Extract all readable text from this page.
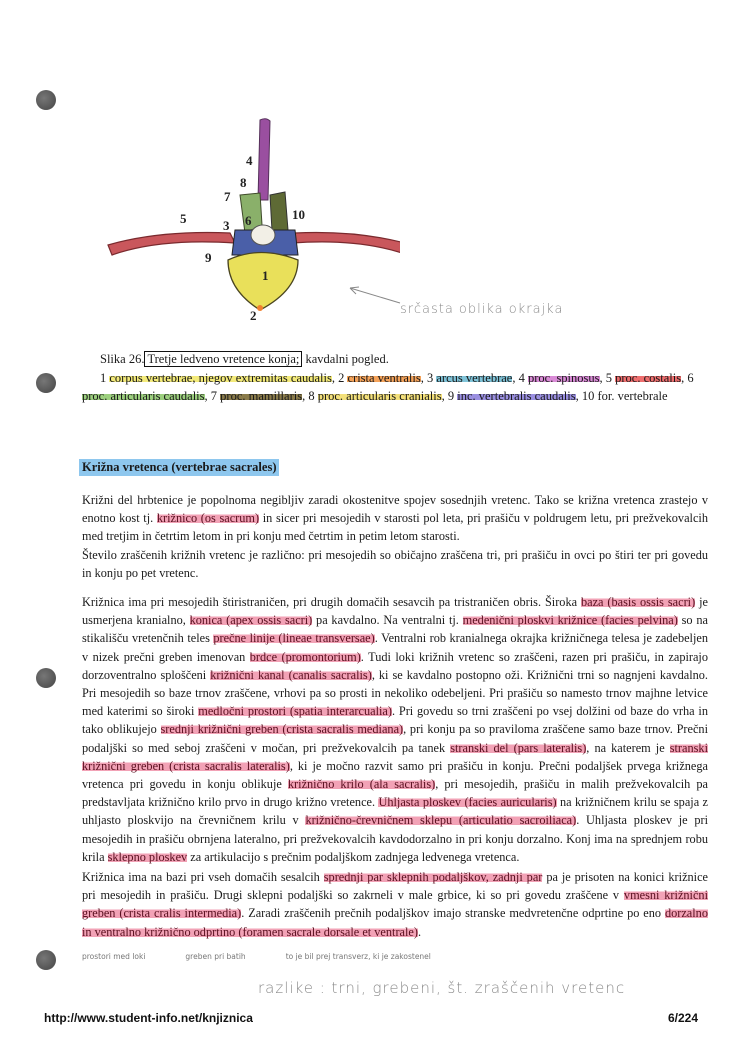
1
2
3
4
5	6
7
8
9
10
srčasta oblika okrajka
Slika 26. Tretje ledveno vretence konja; kavdalni pogled.
1 corpus vertebrae, njegov extremitas caudalis, 2 crista ventralis, 3 arcus vertebrae, 4 proc. spinosus, 5 proc. costalis, 6 proc. articularis caudalis, 7 proc. mamillaris, 8 proc. articularis cranialis, 9 inc. vertebralis caudalis, 10 for. vertebrale
Križna vretenca (vertebrae sacrales)

Križni del hrbtenice je popolnoma negibljiv zaradi okostenitve spojev sosednjih vretenc. Tako se križna vretenca zrastejo v enotno kost tj. križnico (os sacrum) in sicer pri mesojedih v starosti pol leta, pri prašiču v poldrugem letu, pri prežvekovalcih med tretjim in četrtim letom in pri konju med četrtim in petim letom starosti.

Število zraščenih križnih vretenc je različno: pri mesojedih so običajno zraščena tri, pri prašiču in ovci po štiri ter pri govedu in konju po pet vretenc.

Križnica ima pri mesojedih štiristraničen, pri drugih domačih sesavcih pa tristraničen obris. Široka baza (basis ossis sacri) je usmerjena kranialno, konica (apex ossis sacri) pa kavdalno. Na ventralni tj. medenični ploskvi križnice (facies pelvina) so na stikališču vretenčnih teles prečne linije (lineae transversae). Ventralni rob kranialnega okrajka križničnega telesa je zadebeljen v nizek prečni greben imenovan brdce (promontorium). Tudi loki križnih vretenc so zraščeni, razen pri prašiču, in zapirajo dorzoventralno sploščeni križnični kanal (canalis sacralis), ki se kavdalno postopno oži. Križnični trni so nagnjeni kavdalno. Pri mesojedih so baze trnov zraščene, vrhovi pa so prosti in nekoliko odebeljeni. Pri prašiču so namesto trnov majhne letvice med katerimi so široki medločni prostori (spatia interarcualia). Pri govedu so trni zraščeni po vsej dolžini od baze do vrha in tako oblikujejo srednji križnični greben (crista sacralis mediana), pri konju pa so praviloma zraščene samo baze trnov. Prečni podaljški so med seboj zraščeni v močan, pri prežvekovalcih pa tanek stranski del (pars lateralis), na katerem je stranski križnični greben (crista sacralis lateralis), ki je močno razvit samo pri prašiču in konju. Prečni podaljšek prvega križnega vretenca pri govedu in konju oblikuje križnično krilo (ala sacralis), pri mesojedih, prašiču in malih prežvekovalcih pa predstavljata križnično krilo prvo in drugo križno vretence. Uhljasta ploskev (facies auricularis) na križničnem krilu se spaja z uhljasto ploskvijo na črevničnem krilu v križnično-črevničnem sklepu (articulatio sacroiliaca). Uhljasta ploskev je pri mesojedih in prašiču obrnjena lateralno, pri prežvekovalcih kavdodorzalno in pri konju dorzalno. Konj ima na sprednjem robu krila sklepno ploskev za artikulacijo s prečnim podaljškom zadnjega ledvenega vretenca.

Križnica ima na bazi pri vseh domačih sesalcih sprednji par sklepnih podaljškov, zadnji par pa je prisoten na konici križnice pri mesojedih in prašiču. Drugi sklepni podaljški so zakrneli v male grbice, ki so pri govedu zraščene v vmesni križnični greben (crista cralis intermedia). Zaradi zraščenih prečnih podaljškov imajo stranske medvretenčne odprtine po eno dorzalno in ventralno križnično odprtino (foramen sacrale dorsale et ventrale).

prostori med loki	greben pri batih	to je bil prej transverz, ki je zakostenel
razlike : trni, grebeni, št. zraščenih vretenc
http://www.student-info.net/knjiznica	6/224
